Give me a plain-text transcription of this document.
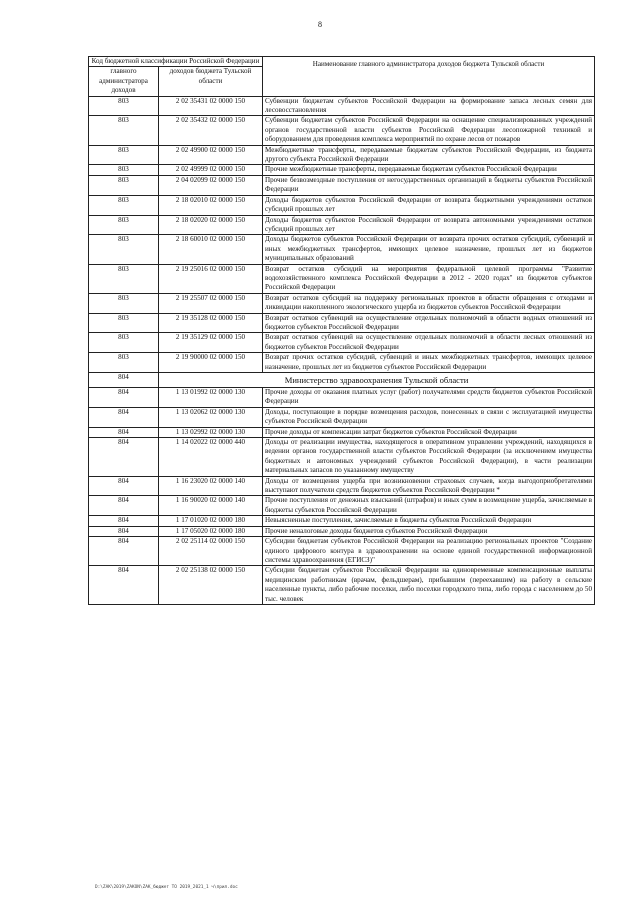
8
Код бюджетной классификации Российской Федерации		Наименование главного администратора доходов бюджета Тульской области
главного администратора доходов	доходов бюджета Тульской области	
803	2 02 35431 02 0000 150	Субвенции бюджетам субъектов Российской Федерации на формирование запаса лесных семян для лесовосстановления
803	2 02 35432 02 0000 150	Субвенции бюджетам субъектов Российской Федерации на оснащение специализированных учреждений органов государственной власти субъектов Российской Федерации лесопожарной техникой и оборудованием для проведения комплекса мероприятий по охране лесов от пожаров
803	2 02 49900 02 0000 150	Межбюджетные трансферты, передаваемые бюджетам субъектов Российской Федерации, из бюджета другого субъекта Российской Федерации
803	2 02 49999 02 0000 150	Прочие межбюджетные трансферты, передаваемые бюджетам субъектов Российской Федерации
803	2 04 02099 02 0000 150	Прочие безвозмездные поступления от негосударственных организаций в бюджеты субъектов Российской Федерации
803	2 18 02010 02 0000 150	Доходы бюджетов субъектов Российской Федерации от возврата бюджетными учреждениями остатков субсидий прошлых лет
803	2 18 02020 02 0000 150	Доходы бюджетов субъектов Российской Федерации от возврата автономными учреждениями остатков субсидий прошлых лет
803	2 18 60010 02 0000 150	Доходы бюджетов субъектов Российской Федерации от возврата прочих остатков субсидий, субвенций и иных межбюджетных трансфертов, имеющих целевое назначение, прошлых лет из бюджетов муниципальных образований
803	2 19 25016 02 0000 150	Возврат остатков субсидий на мероприятия федеральной целевой программы "Развитие водохозяйственного комплекса Российской Федерации в 2012 - 2020 годах" из бюджетов субъектов Российской Федерации
803	2 19 25507 02 0000 150	Возврат остатков субсидий на поддержку региональных проектов в области обращения с отходами и ликвидации накопленного экологического ущерба из бюджетов субъектов Российской Федерации
803	2 19 35128 02 0000 150	Возврат остатков субвенций на осуществление отдельных полномочий в области водных отношений из бюджетов субъектов Российской Федерации
803	2 19 35129 02 0000 150	Возврат остатков субвенций на осуществление отдельных полномочий в области лесных отношений из бюджетов субъектов Российской Федерации
803	2 19 90000 02 0000 150	Возврат прочих остатков субсидий, субвенций и иных межбюджетных трансфертов, имеющих целевое назначение, прошлых лет из бюджетов субъектов Российской Федерации
804	Министерство здравоохранения Тульской области	
804	1 13 01992 02 0000 130	Прочие доходы от оказания платных услуг (работ) получателями средств бюджетов субъектов Российской Федерации
804	1 13 02062 02 0000 130	Доходы, поступающие в порядке возмещения расходов, понесенных в связи с эксплуатацией имущества субъектов Российской Федерации
804	1 13 02992 02 0000 130	Прочие доходы от компенсации затрат бюджетов субъектов Российской Федерации
804	1 14 02022 02 0000 440	Доходы от реализации имущества, находящегося в оперативном управлении учреждений, находящихся в ведении органов государственной власти субъектов Российской Федерации (за исключением имущества бюджетных и автономных учреждений субъектов Российской Федерации), в части реализации материальных запасов по указанному имуществу
804	1 16 23020 02 0000 140	Доходы от возмещения ущерба при возникновении страховых случаев, когда выгодоприобретателями выступают получатели средств бюджетов субъектов Российской Федерации *
804	1 16 90020 02 0000 140	Прочие поступления от денежных взысканий (штрафов) и иных сумм в возмещение ущерба, зачисляемые в бюджеты субъектов Российской Федерации
804	1 17 01020 02 0000 180	Невыясненные поступления, зачисляемые в бюджеты субъектов Российской Федерации
804	1 17 05020 02 0000 180	Прочие неналоговые доходы бюджетов субъектов Российской Федерации
804	2 02 25114 02 0000 150	Субсидии бюджетам субъектов Российской Федерации на реализацию региональных проектов "Создание единого цифрового контура в здравоохранении на основе единой государственной информационной системы здравоохранения (ЕГИСЗ)"
804	2 02 25138 02 0000 150	Субсидии бюджетам субъектов Российской Федерации на единовременные компенсационные выплаты медицинским работникам (врачам, фельдшерам), прибывшим (переехавшим) на работу в сельские населенные пункты, либо рабочие поселки, либо поселки городского типа, либо города с населением до 50 тыс. человек
D:\ZAK\2019\ZAKON\ZAK_бюджет ТО 2019_2021_1 ч\прил.doc
